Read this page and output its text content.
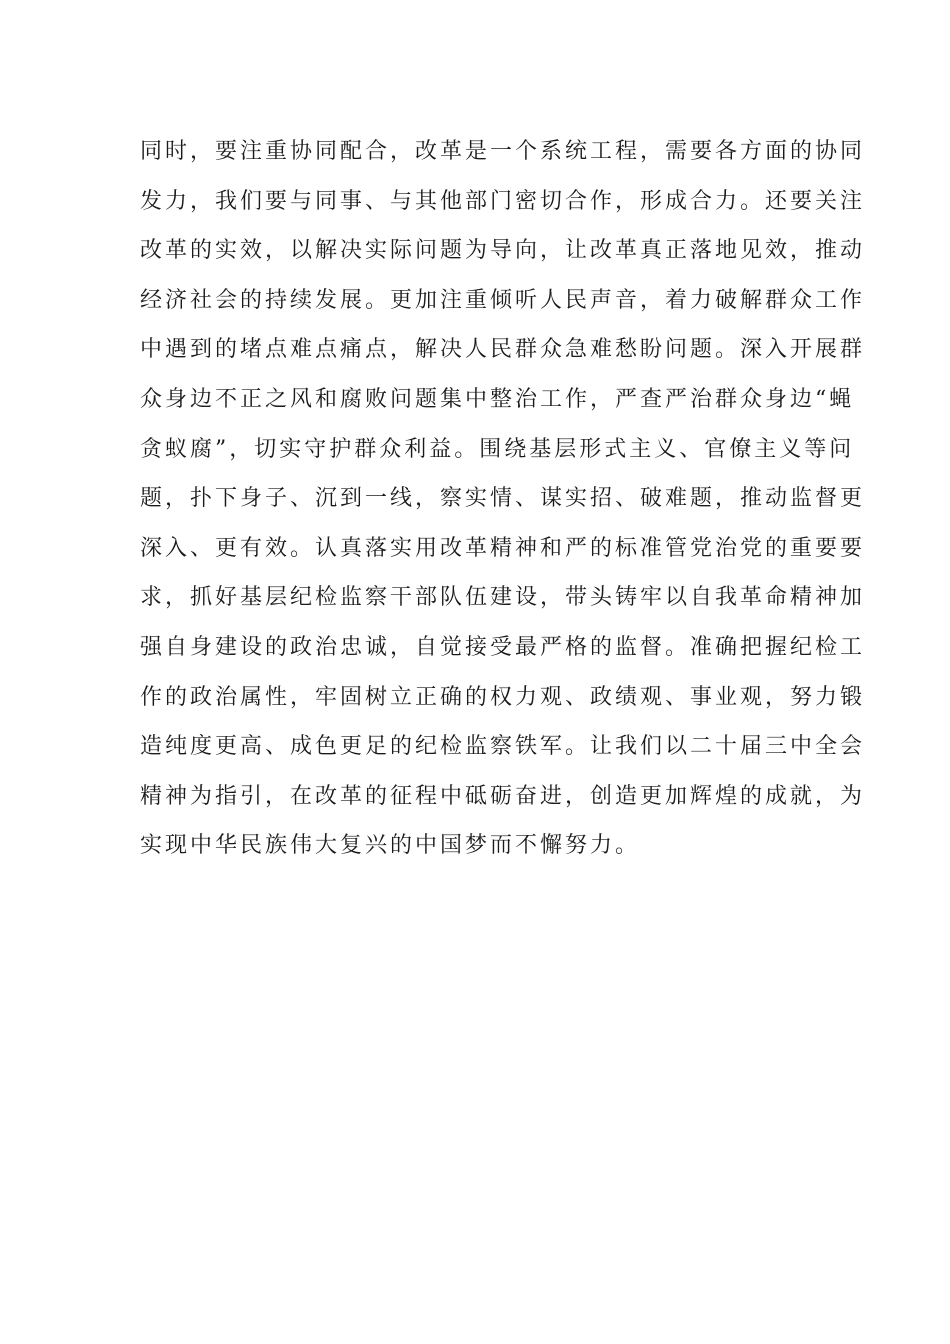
同时，要注重协同配合，改革是一个系统工程，需要各方面的协同
发力，我们要与同事、与其他部门密切合作，形成合力。还要关注
改革的实效，以解决实际问题为导向，让改革真正落地见效，推动
经济社会的持续发展。更加注重倾听人民声音，着力破解群众工作
中遇到的堵点难点痛点，解决人民群众急难愁盼问题。深入开展群
众身边不正之风和腐败问题集中整治工作，严查严治群众身边“蝇
贪蚁腐”，切实守护群众利益。围绕基层形式主义、官僚主义等问
题，扑下身子、沉到一线，察实情、谋实招、破难题，推动监督更
深入、更有效。认真落实用改革精神和严的标准管党治党的重要要
求，抓好基层纪检监察干部队伍建设，带头铸牢以自我革命精神加
强自身建设的政治忠诚，自觉接受最严格的监督。准确把握纪检工
作的政治属性，牢固树立正确的权力观、政绩观、事业观，努力锻
造纯度更高、成色更足的纪检监察铁军。让我们以二十届三中全会
精神为指引，在改革的征程中砥砺奋进，创造更加辉煌的成就，为
实现中华民族伟大复兴的中国梦而不懈努力。
